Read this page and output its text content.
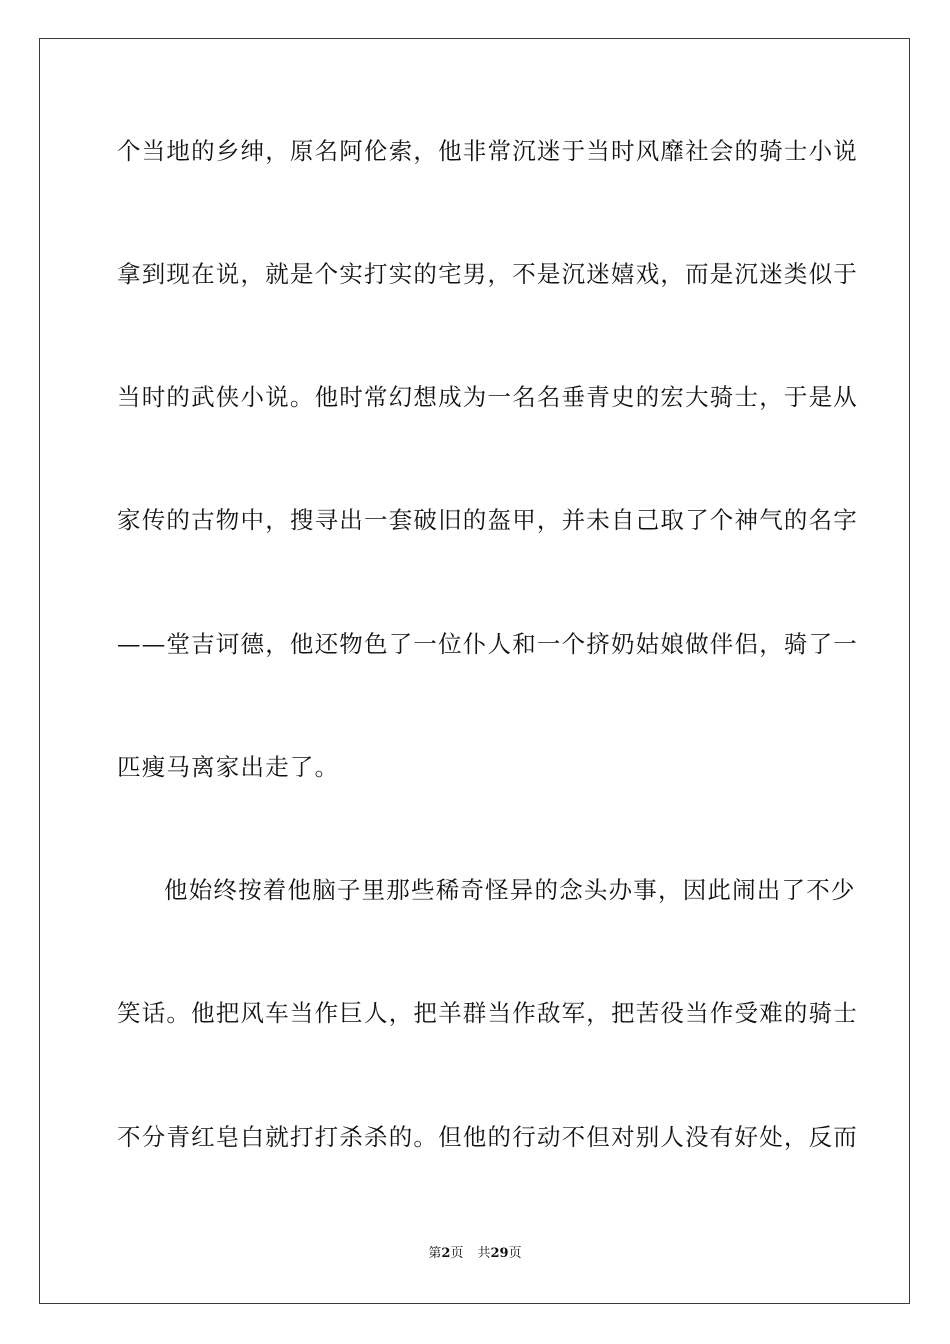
个当地的乡绅，原名阿伦索，他非常沉迷于当时风靡社会的骑士小说
拿到现在说，就是个实打实的宅男，不是沉迷嬉戏，而是沉迷类似于
当时的武侠小说。他时常幻想成为一名名垂青史的宏大骑士，于是从
家传的古物中，搜寻出一套破旧的盔甲，并未自己取了个神气的名字
——堂吉诃德，他还物色了一位仆人和一个挤奶姑娘做伴侣，骑了一
匹瘦马离家出走了。
他始终按着他脑子里那些稀奇怪异的念头办事，因此闹出了不少
笑话。他把风车当作巨人，把羊群当作敌军，把苦役当作受难的骑士
不分青红皂白就打打杀杀的。但他的行动不但对别人没有好处，反而
第2页 共29页
